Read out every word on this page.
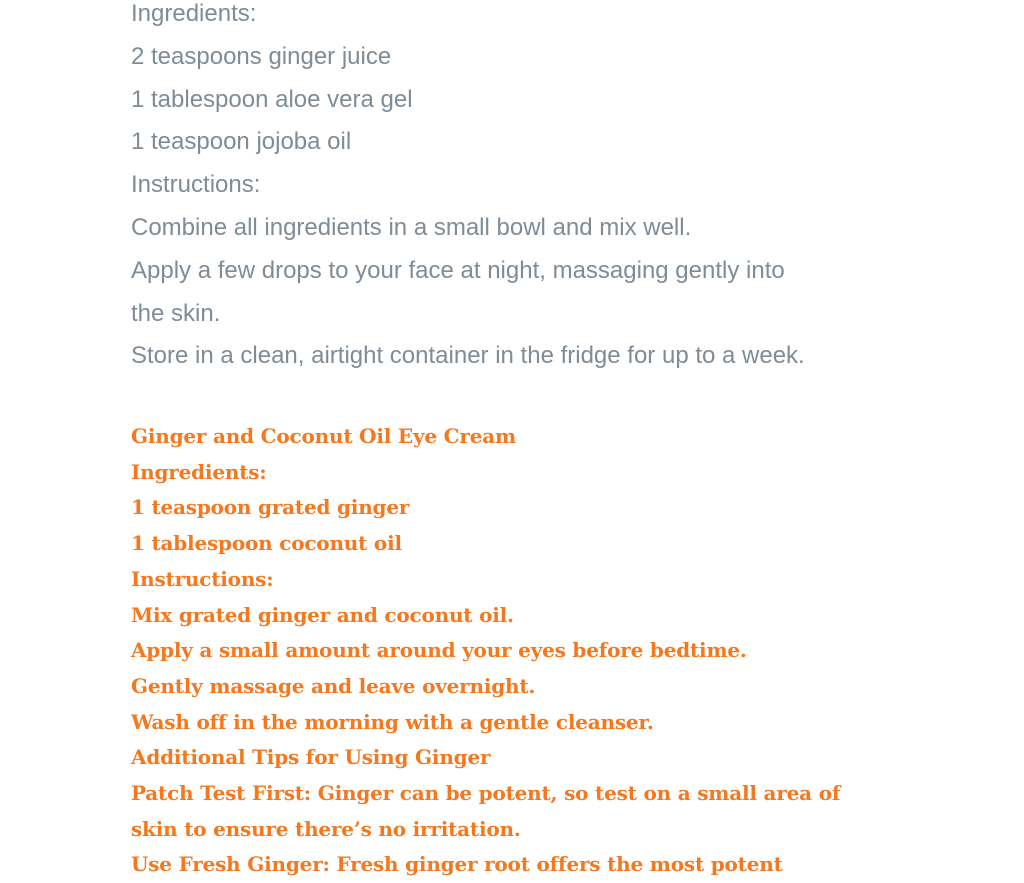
Ingredients:
2 teaspoons ginger juice
1 tablespoon aloe vera gel
1 teaspoon jojoba oil
Instructions:
Combine all ingredients in a small bowl and mix well.
Apply a few drops to your face at night, massaging gently into
the skin.
Store in a clean, airtight container in the fridge for up to a week.
Ginger and Coconut Oil Eye Cream
Ingredients:
1 teaspoon grated ginger
1 tablespoon coconut oil
Instructions:
Mix grated ginger and coconut oil.
Apply a small amount around your eyes before bedtime.
Gently massage and leave overnight.
Wash off in the morning with a gentle cleanser.
Additional Tips for Using Ginger
Patch Test First: Ginger can be potent, so test on a small area of
skin to ensure there’s no irritation.
Use Fresh Ginger: Fresh ginger root offers the most potent
